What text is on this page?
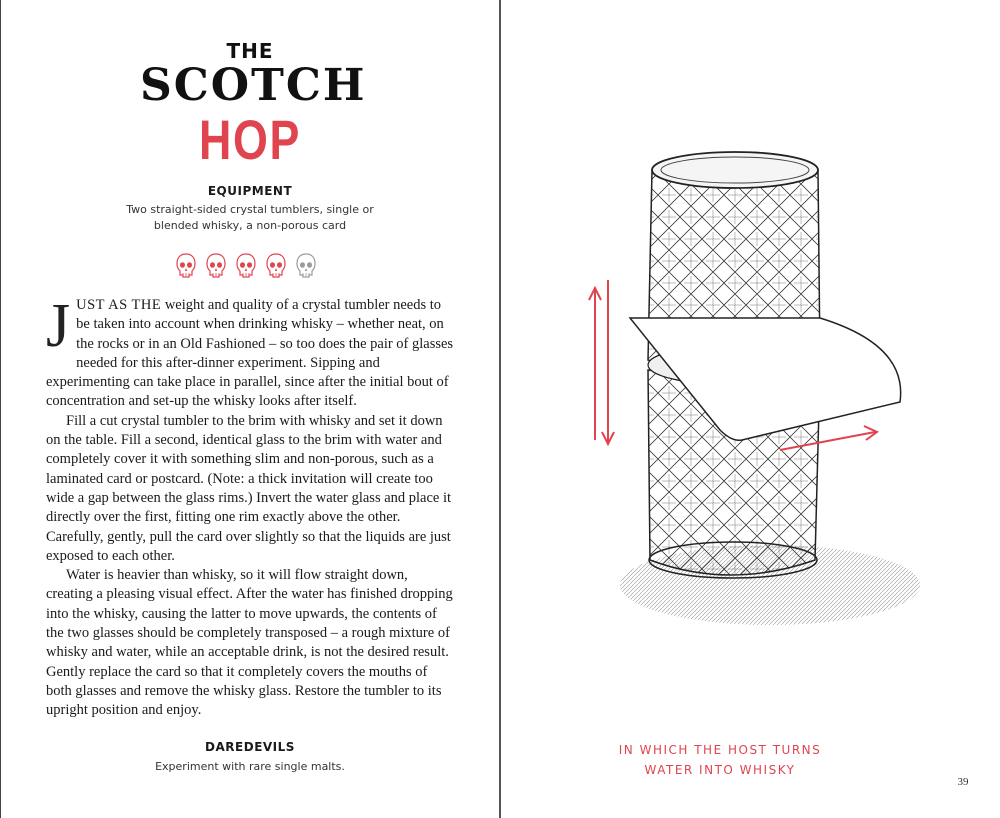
THE
SCOTCH
HOP
EQUIPMENT
Two straight-sided crystal tumblers, single or blended whisky, a non-porous card

JUST AS THE weight and quality of a crystal tumbler needs to be taken into account when drinking whisky – whether neat, on the rocks or in an Old Fashioned – so too does the pair of glasses needed for this after-dinner experiment. Sipping and experimenting can take place in parallel, since after the initial bout of concentration and set-up the whisky looks after itself.

Fill a cut crystal tumbler to the brim with whisky and set it down on the table. Fill a second, identical glass to the brim with water and completely cover it with something slim and non-porous, such as a laminated card or postcard. (Note: a thick invitation will create too wide a gap between the glass rims.) Invert the water glass and place it directly over the first, fitting one rim exactly above the other. Carefully, gently, pull the card over slightly so that the liquids are just exposed to each other.

Water is heavier than whisky, so it will flow straight down, creating a pleasing visual effect. After the water has finished dropping into the whisky, causing the latter to move upwards, the contents of the two glasses should be completely transposed – a rough mixture of whisky and water, while an acceptable drink, is not the desired result. Gently replace the card so that it completely covers the mouths of both glasses and remove the whisky glass. Restore the tumbler to its upright position and enjoy.

DAREDEVILS
Experiment with rare single malts.
IN WHICH THE HOST TURNS
WATER INTO WHISKY
39
